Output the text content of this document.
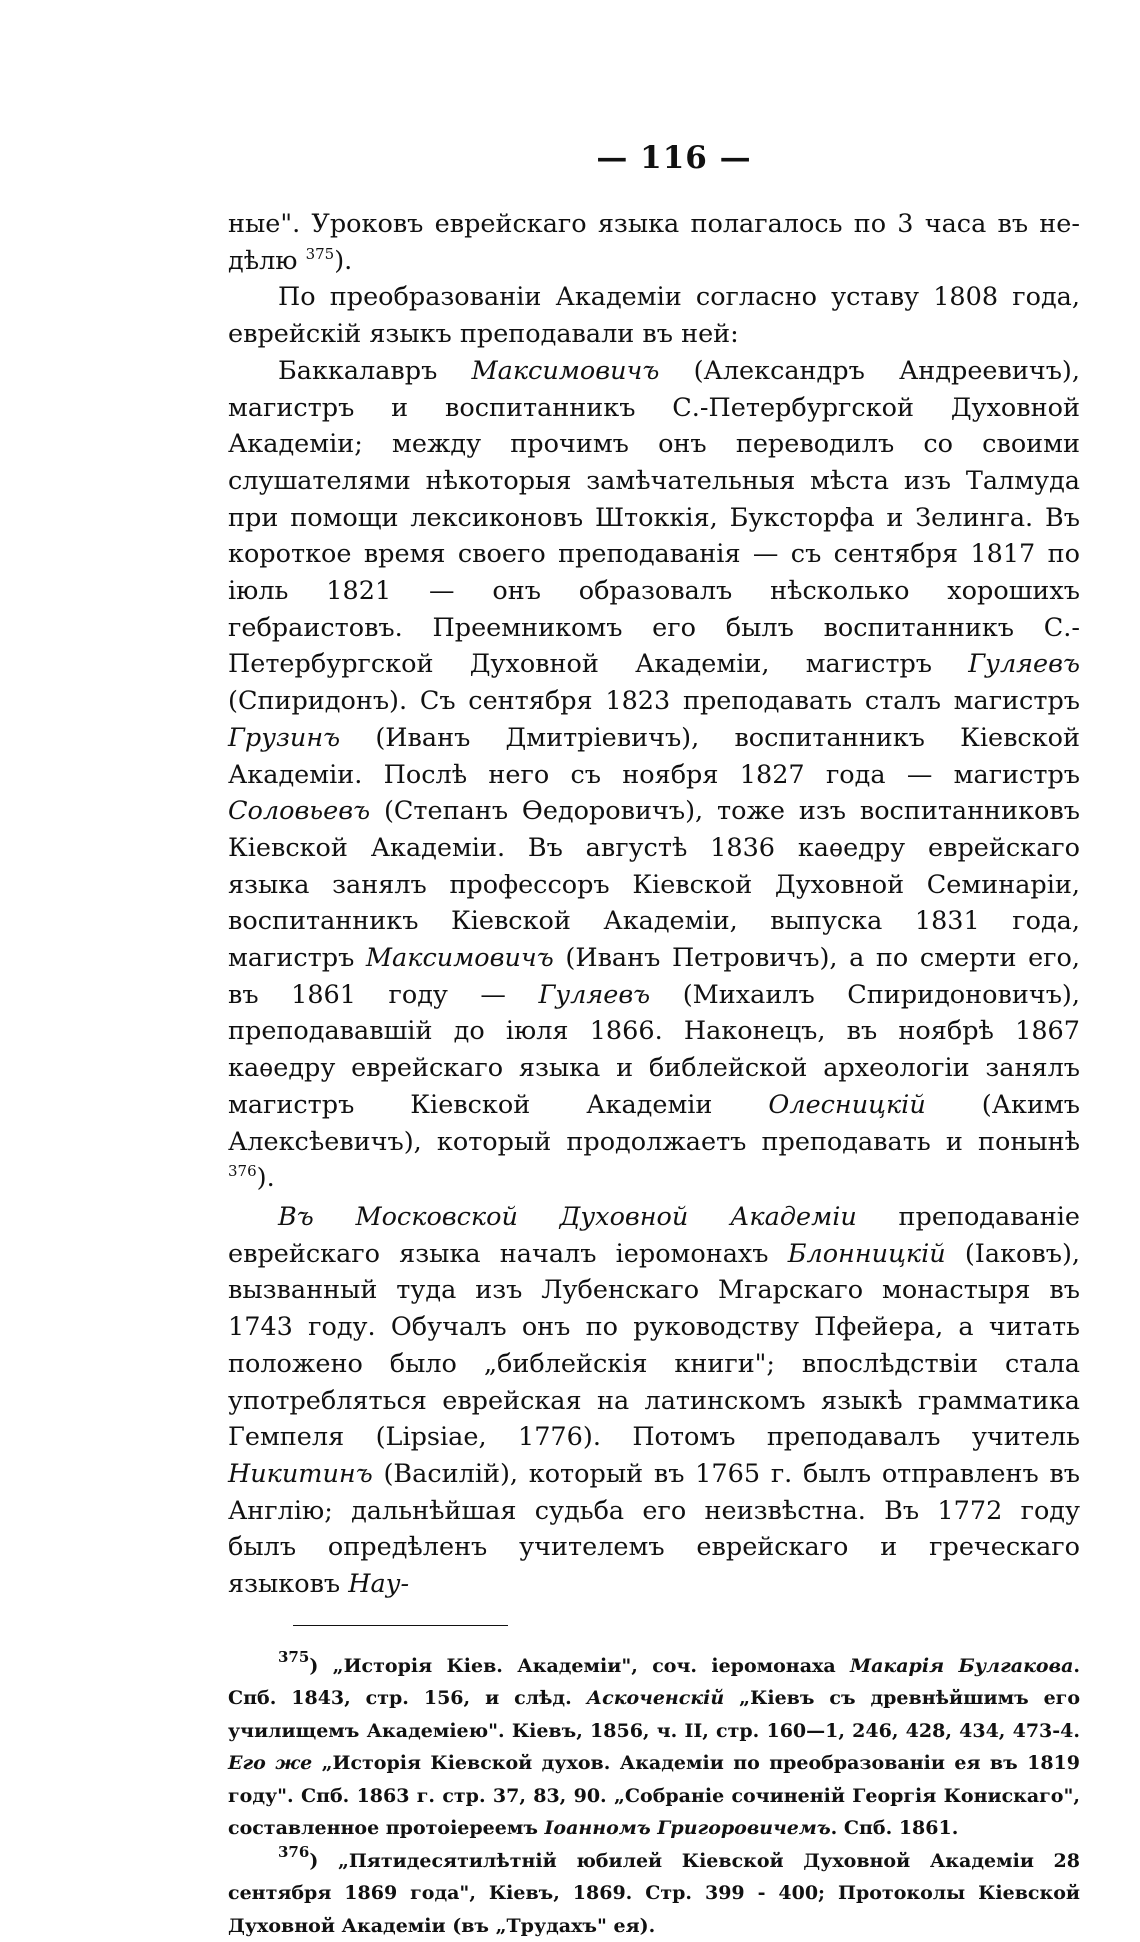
— 116 —

ные". Уроковъ еврейскаго языка полагалось по 3 часа въ не-дѣлю $^{375}$).

По преобразованіи Академіи согласно уставу 1808 года, еврейскій языкъ преподавали въ ней:

Баккалавръ Максимовичъ (Александръ Андреевичъ), магистръ и воспитанникъ С.-Петербургской Духовной Академіи; между прочимъ онъ переводилъ со своими слушателями нѣкоторыя замѣчательныя мѣста изъ Талмуда при помощи лексиконовъ Штоккія, Буксторфа и Зелинга. Въ короткое время своего преподаванія — съ сентября 1817 по іюль 1821 — онъ образовалъ нѣсколько хорошихъ гебраистовъ. Преемникомъ его былъ воспитанникъ С.-Петербургской Духовной Академіи, магистръ Гуляевъ (Спиридонъ). Съ сентября 1823 преподавать сталъ магистръ Грузинъ (Иванъ Дмитріевичъ), воспитанникъ Кіевской Академіи. Послѣ него съ ноября 1827 года — магистръ Соловьевъ (Степанъ Ѳедоровичъ), тоже изъ воспитанниковъ Кіевской Академіи. Въ августѣ 1836 каѳедру еврейскаго языка занялъ профессоръ Кіевской Духовной Семинаріи, воспитанникъ Кіевской Академіи, выпуска 1831 года, магистръ Максимовичъ (Иванъ Петровичъ), а по смерти его, въ 1861 году — Гуляевъ (Михаилъ Спиридоновичъ), преподававшій до іюля 1866. Наконецъ, въ ноябрѣ 1867 каѳедру еврейскаго языка и библейской археологіи занялъ магистръ Кіевской Академіи Олесницкій (Акимъ Алексѣевичъ), который продолжаетъ преподавать и понынѣ $^{376}$).

Въ Московской Духовной Академіи преподаваніе еврейскаго языка началъ іеромонахъ Блонницкій (Іаковъ), вызванный туда изъ Лубенскаго Мгарскаго монастыря въ 1743 году. Обучалъ онъ по руководству Пфейера, а читать положено было „библейскія книги"; впослѣдствіи стала употребляться еврейская на латинскомъ языкѣ грамматика Гемпеля (Lipsiae, 1776). Потомъ преподавалъ учитель Никитинъ (Василій), который въ 1765 г. былъ отправленъ въ Англію; дальнѣйшая судьба его неизвѣстна. Въ 1772 году былъ опредѣленъ учителемъ еврейскаго и греческаго языковъ Нау-

$^{375}$) „Исторія Кіев. Академіи", соч. іеромонаха Макарія Булгакова. Спб. 1843, стр. 156, и слѣд. Аскоченскій „Кіевъ съ древнѣйшимъ его училищемъ Академіею". Кіевъ, 1856, ч. II, стр. 160—1, 246, 428, 434, 473-4. Его же „Исторія Кіевской духов. Академіи по преобразованіи ея въ 1819 году". Спб. 1863 г. стр. 37, 83, 90. „Собраніе сочиненій Георгія Конискаго", составленное протоіереемъ Іоанномъ Григоровичемъ. Спб. 1861.

$^{376}$) „Пятидесятилѣтній юбилей Кіевской Духовной Академіи 28 сентября 1869 года", Кіевъ, 1869. Стр. 399 - 400; Протоколы Кіевской Духовной Академіи (въ „Трудахъ" ея).
